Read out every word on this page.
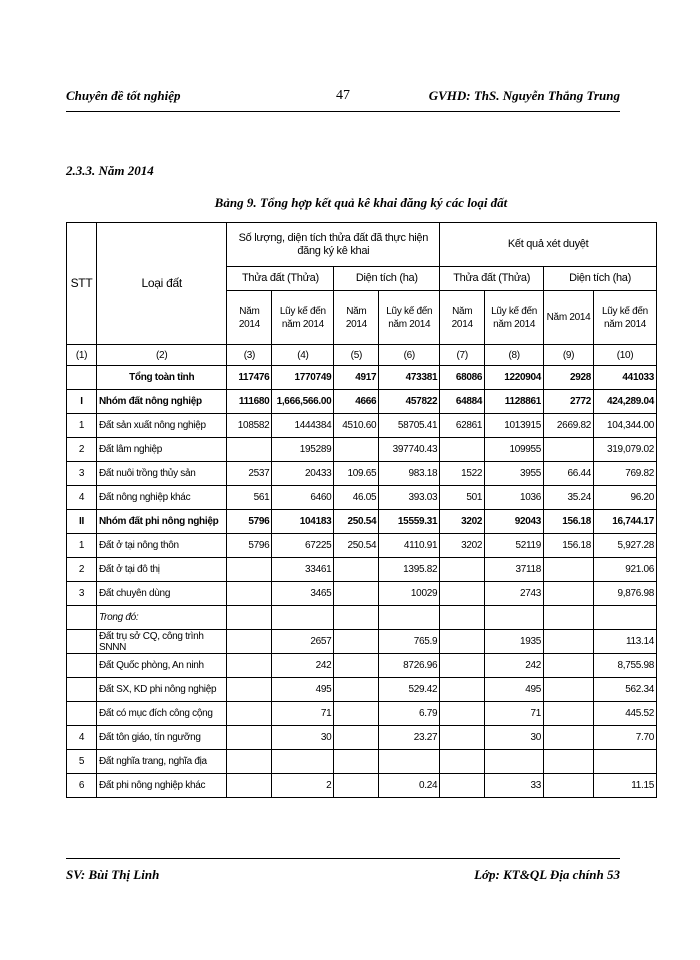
Chuyên đề tốt nghiệp	47	GVHD: ThS. Nguyễn Thắng Trung
2.3.3. Năm 2014
Bảng 9. Tổng hợp kết quả kê khai đăng ký các loại đất
STT	Loại đất	Số lượng, diện tích thửa đất đã thực hiện đăng ký kê khai				Kết quả xét duyệt			
		Thửa đất (Thửa)		Diện tích (ha)		Thửa đất (Thửa)		Diện tích (ha)	
		Năm 2014	Lũy kế đến năm 2014	Năm 2014	Lũy kế đến năm 2014	Năm 2014	Lũy kế đến năm 2014	Năm 2014	Lũy kế đến năm 2014
(1)	(2)	(3)	(4)	(5)	(6)	(7)	(8)	(9)	(10)
	Tổng toàn tỉnh	117476	1770749	4917	473381	68086	1220904	2928	441033
I	Nhóm đất nông nghiệp	111680	1,666,566.00	4666	457822	64884	1128861	2772	424,289.04
1	Đất sản xuất nông nghiệp	108582	1444384	4510.60	58705.41	62861	1013915	2669.82	104,344.00
2	Đất lâm nghiệp		195289		397740.43		109955		319,079.02
3	Đất nuôi trồng thủy sản	2537	20433	109.65	983.18	1522	3955	66.44	769.82
4	Đất nông nghiệp khác	561	6460	46.05	393.03	501	1036	35.24	96.20
II	Nhóm đất phi nông nghiệp	5796	104183	250.54	15559.31	3202	92043	156.18	16,744.17
1	Đất ở tại nông thôn	5796	67225	250.54	4110.91	3202	52119	156.18	5,927.28
2	Đất ở tại đô thị		33461		1395.82		37118		921.06
3	Đất chuyên dùng		3465		10029		2743		9,876.98
	Trong đó:								
	Đất trụ sở CQ, công trình SNNN		2657		765.9		1935		113.14
	Đất Quốc phòng, An ninh		242		8726.96		242		8,755.98
	Đất SX, KD phi nông nghiệp		495		529.42		495		562.34
	Đất có mục đích công cộng		71		6.79		71		445.52
4	Đất tôn giáo, tín ngưỡng		30		23.27		30		7.70
5	Đất nghĩa trang, nghĩa địa								
6	Đất phi nông nghiệp khác		2		0.24		33		11.15
SV: Bùi Thị Linh	Lớp: KT&QL Địa chính 53
